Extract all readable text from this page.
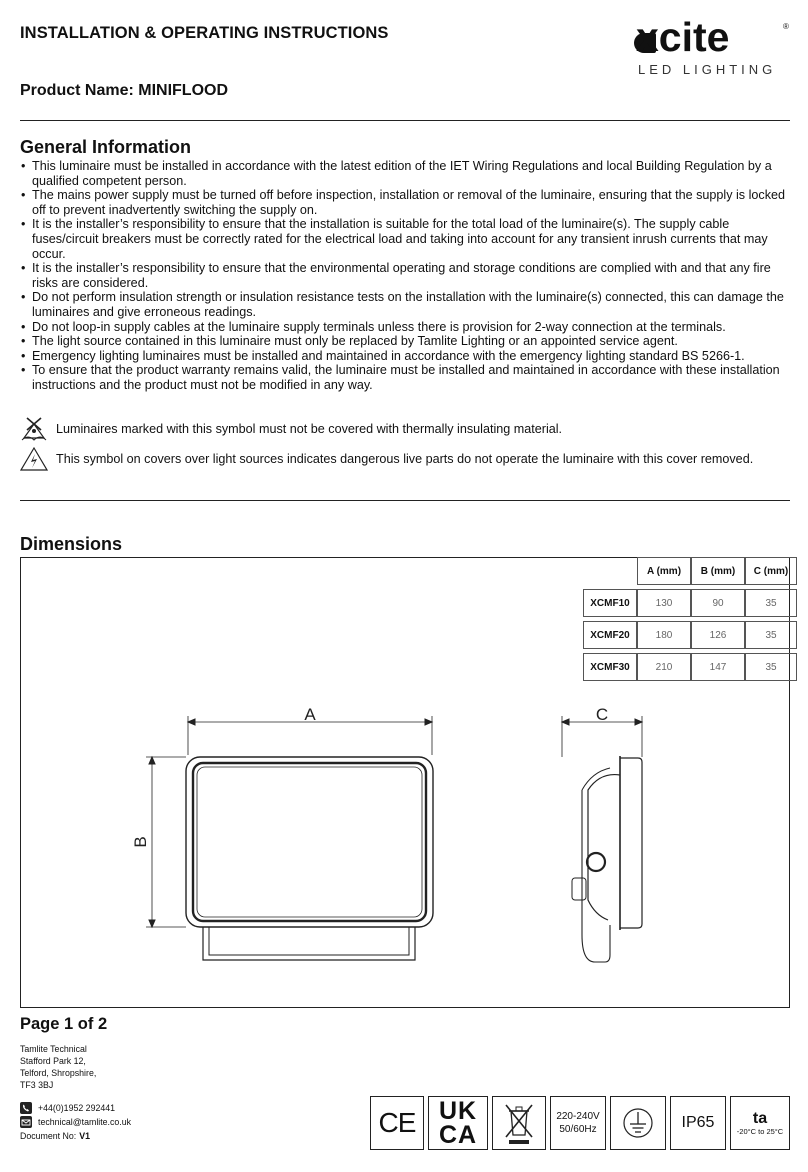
INSTALLATION & OPERATING INSTRUCTIONS	xcite	®
LED LIGHTING
Product Name: MINIFLOOD
General Information
• This luminaire must be installed in accordance with the latest edition of the IET Wiring Regulations and local Building Regulation by a qualified competent person.
• The mains power supply must be turned off before inspection, installation or removal of the luminaire, ensuring that the supply is locked off to prevent inadvertently switching the supply on.
• It is the installer’s responsibility to ensure that the installation is suitable for the total load of the luminaire(s). The supply cable fuses/circuit breakers must be correctly rated for the electrical load and taking into account for any transient inrush currents that may occur.
• It is the installer’s responsibility to ensure that the environmental operating and storage conditions are complied with and that any fire risks are considered.
• Do not perform insulation strength or insulation resistance tests on the installation with the luminaire(s) connected, this can damage the luminaires and give erroneous readings.
• Do not loop-in supply cables at the luminaire supply terminals unless there is provision for 2-way connection at the terminals.
• The light source contained in this luminaire must only be replaced by Tamlite Lighting or an appointed service agent.
• Emergency lighting luminaires must be installed and maintained in accordance with the emergency lighting standard BS 5266-1.
• To ensure that the product warranty remains valid, the luminaire must be installed and maintained in accordance with these installation instructions and the product must not be modified in any way.
Luminaires marked with this symbol must not be covered with thermally insulating material.
This symbol on covers over light sources indicates dangerous live parts do not operate the luminaire with this cover removed.
Dimensions
	A (mm)	B (mm)	C (mm)

XCMF10	130	90	35

XCMF20	180	126	35

XCMF30	210	147	35
A
B
C
Page 1 of 2
Tamlite Technical
Stafford Park 12,
Telford, Shropshire,
TF3 3BJ
+44(0)1952 292441
technical@tamlite.co.uk
Document No: V1	CE UK
CA
220-240V
50/60Hz	IP65 ta
-20°C to 25°C
